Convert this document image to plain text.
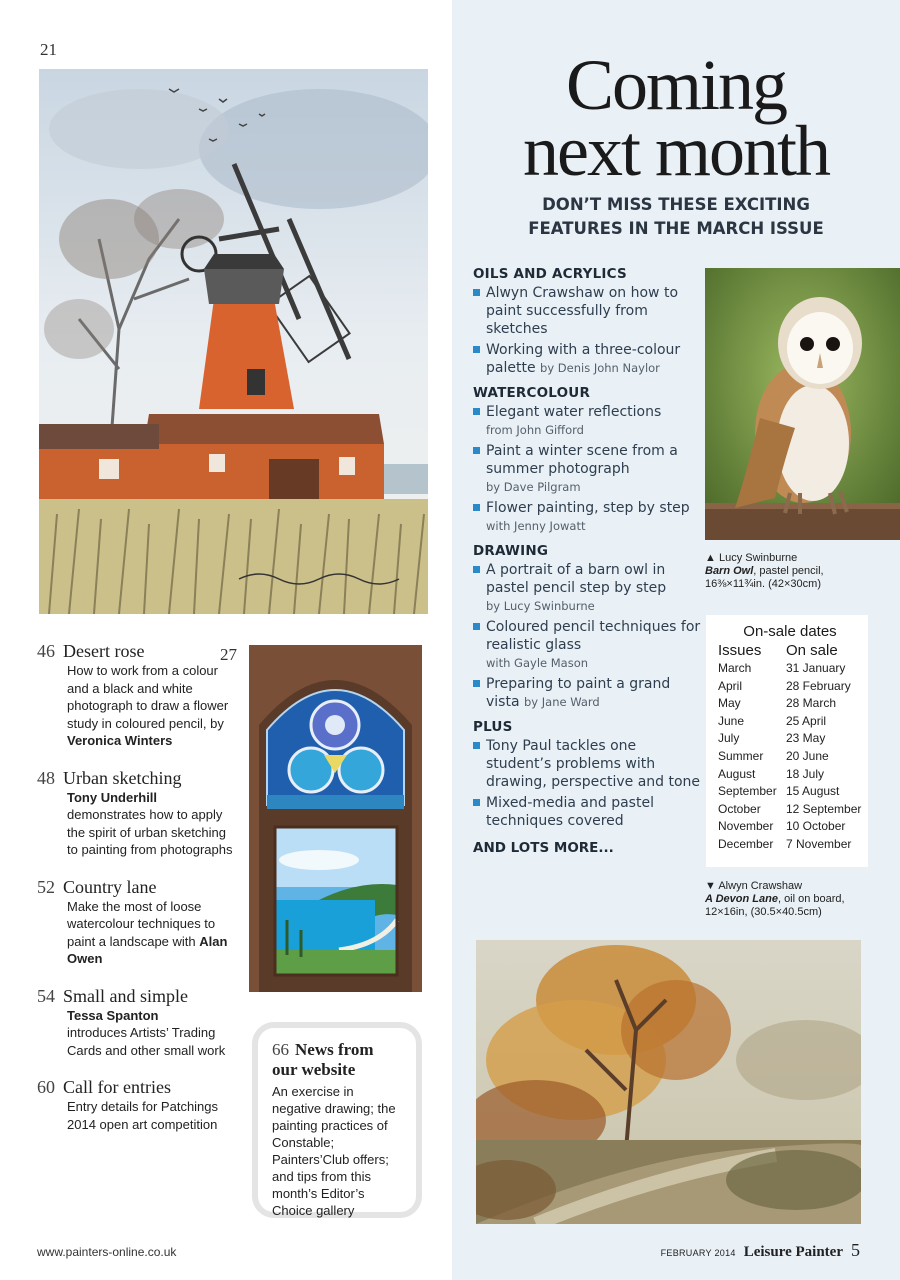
21
46 Desert rose
How to work from a colour and a black and white photograph to draw a flower study in coloured pencil, by Veronica Winters
48 Urban sketching
Tony Underhill
demonstrates how to apply the spirit of urban sketching to painting from photographs
52 Country lane
Make the most of loose watercolour techniques to paint a landscape with Alan Owen
54 Small and simple
Tessa Spanton
introduces Artists’ Trading Cards and other small work
60 Call for entries
Entry details for Patchings 2014 open art competition
27
66 News from our website
An exercise in negative drawing; the painting practices of Constable; Painters’Club offers; and tips from this month’s Editor’s Choice gallery
Coming
next month
DON’T MISS THESE EXCITING
FEATURES IN THE MARCH ISSUE
OILS AND ACRYLICS
Alwyn Crawshaw on how to paint successfully from sketches
Working with a three-colour palette by Denis John Naylor
WATERCOLOUR
Elegant water reflections
from John Gifford
Paint a winter scene from a summer photograph
by Dave Pilgram
Flower painting, step by step with Jenny Jowatt
DRAWING
A portrait of a barn owl in pastel pencil step by step
by Lucy Swinburne
Coloured pencil techniques for realistic glass
with Gayle Mason
Preparing to paint a grand vista by Jane Ward
PLUS
Tony Paul tackles one student’s problems with drawing, perspective and tone
Mixed-media and pastel techniques covered
AND LOTS MORE...
▲ Lucy Swinburne
Barn Owl, pastel pencil,
16⅜×11¾in. (42×30cm)
On-sale dates
Issues	On sale
March	31 January
April	28 February
May	28 March
June	25 April
July	23 May
Summer	20 June
August	18 July
September	15 August
October	12 September
November	10 October
December	7 November
▼ Alwyn Crawshaw
A Devon Lane, oil on board,
12×16in, (30.5×40.5cm)
www.painters-online.co.uk	FEBRUARY 2014 Leisure Painter 5
